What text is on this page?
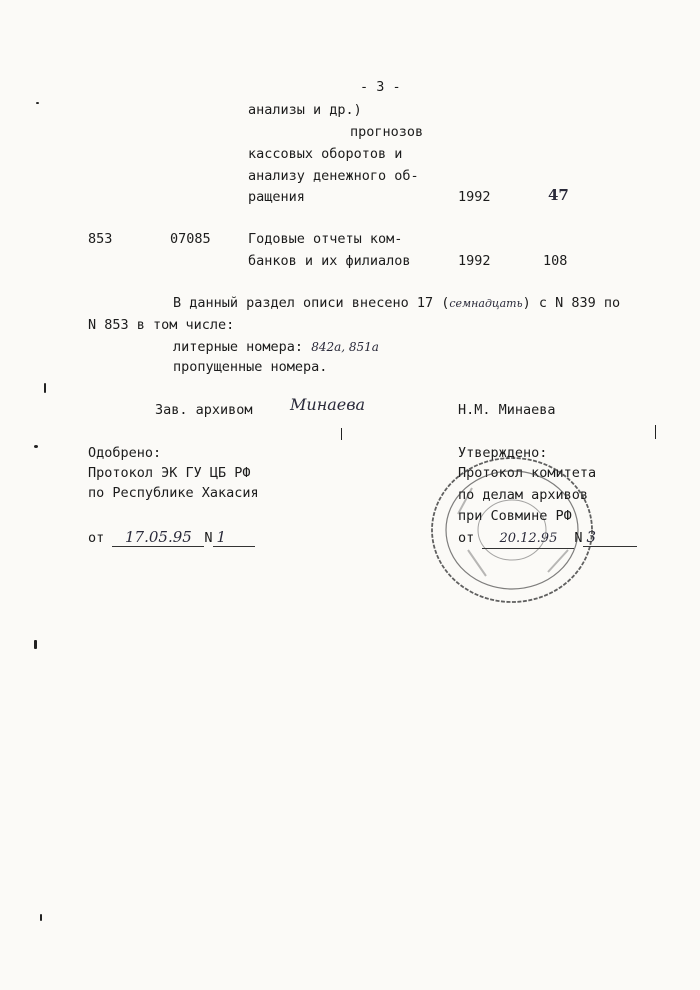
- 3 -
анализы и др.)
прогнозов
кассовых оборотов и
анализу денежного об-
ращения	1992	47
853	07085	Годовые отчеты ком-
банков и их филиалов	1992	108
В данный раздел описи внесено 17 (семнадцать) с N 839 по
N 853 в том числе:
литерные номера: 842а, 851а
пропущенные номера.
Зав. архивом Минаева	Н.М. Минаева
Одобрено:
Протокол ЭК ГУ ЦБ РФ
по Республике Хакасия
от 17.05.95 N 1
Утверждено:
Протокол комитета
по делам архивов
при Совмине РФ
от 20.12.95 N 3
